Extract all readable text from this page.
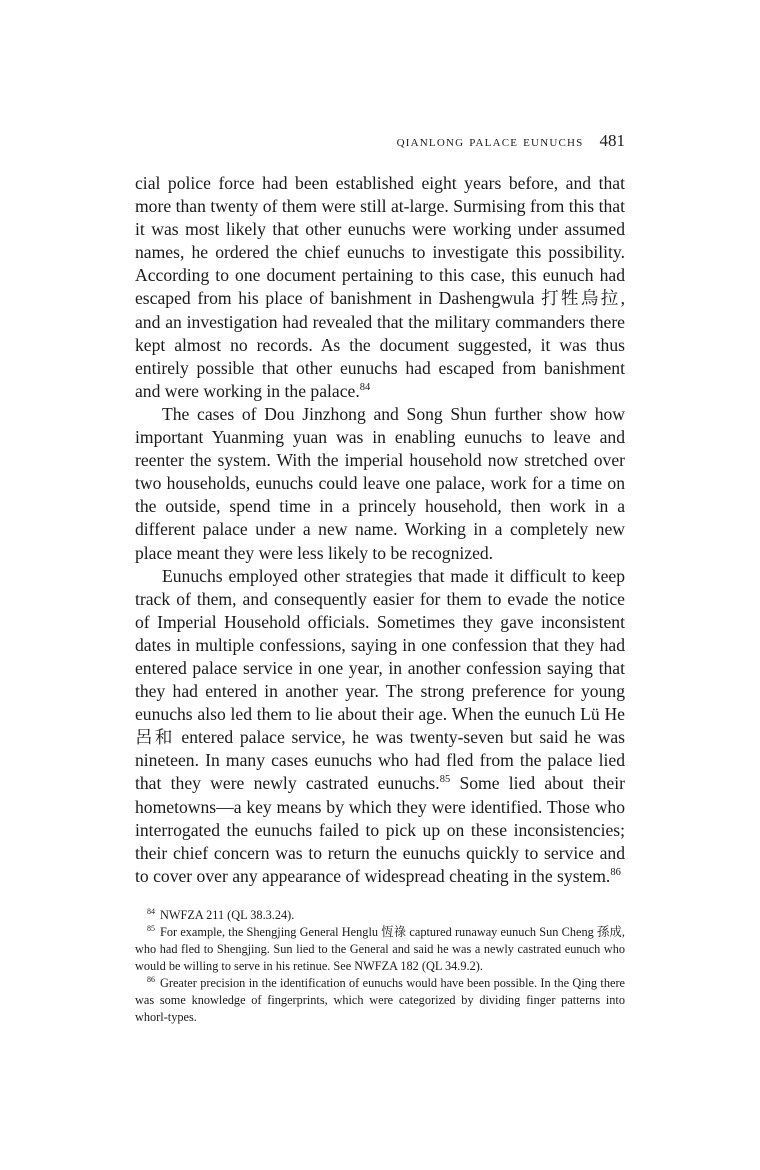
qianlong palace eunuchs 481

cial police force had been established eight years before, and that more than twenty of them were still at-large. Surmising from this that it was most likely that other eunuchs were working under assumed names, he ordered the chief eunuchs to investigate this possibility. According to one document pertaining to this case, this eunuch had escaped from his place of banishment in Dashengwula 打牲烏拉, and an investigation had revealed that the military commanders there kept almost no records. As the document suggested, it was thus entirely possible that other eunuchs had escaped from banishment and were working in the palace.$^{84}$

The cases of Dou Jinzhong and Song Shun further show how important Yuanming yuan was in enabling eunuchs to leave and reenter the system. With the imperial household now stretched over two households, eunuchs could leave one palace, work for a time on the outside, spend time in a princely household, then work in a different palace under a new name. Working in a completely new place meant they were less likely to be recognized.

Eunuchs employed other strategies that made it difficult to keep track of them, and consequently easier for them to evade the notice of Imperial Household officials. Sometimes they gave inconsistent dates in multiple confessions, saying in one confession that they had entered palace service in one year, in another confession saying that they had entered in another year. The strong preference for young eunuchs also led them to lie about their age. When the eunuch Lü He 呂和 entered palace service, he was twenty-seven but said he was nineteen. In many cases eunuchs who had fled from the palace lied that they were newly castrated eunuchs.$^{85}$ Some lied about their hometowns—a key means by which they were identified. Those who interrogated the eunuchs failed to pick up on these inconsistencies; their chief concern was to return the eunuchs quickly to service and to cover over any appearance of widespread cheating in the system.$^{86}$

$^{84}$ NWFZA 211 (QL 38.3.24).

$^{85}$ For example, the Shengjing General Henglu 恆祿 captured runaway eunuch Sun Cheng 孫成, who had fled to Shengjing. Sun lied to the General and said he was a newly castrated eunuch who would be willing to serve in his retinue. See NWFZA 182 (QL 34.9.2).

$^{86}$ Greater precision in the identification of eunuchs would have been possible. In the Qing there was some knowledge of fingerprints, which were categorized by dividing finger patterns into whorl-types.
